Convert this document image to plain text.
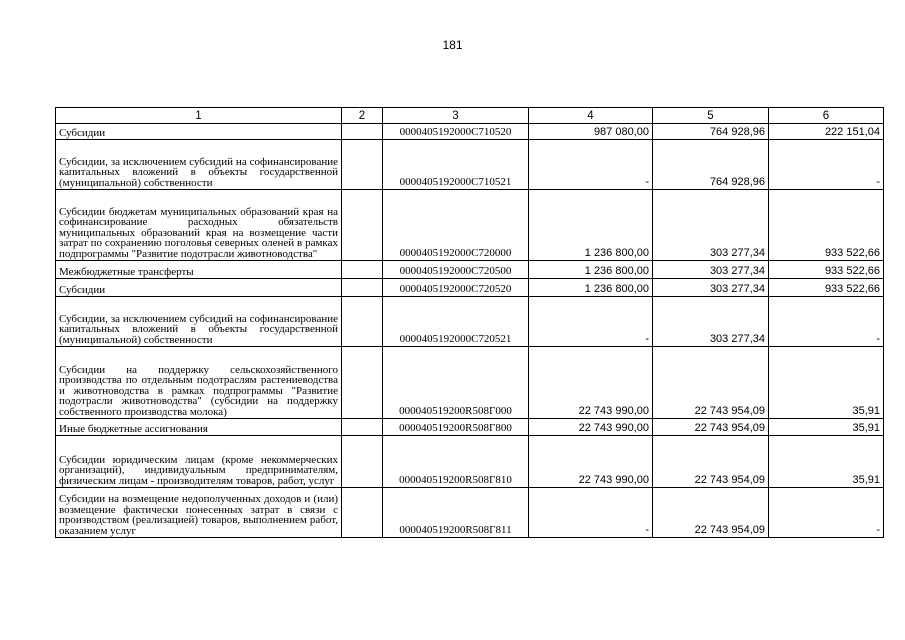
181
1	2	3	4	5	6
Субсидии		0000405192000С710520	987 080,00	764 928,96	222 151,04
Субсидии, за исключением субсидий на софинансирование капитальных вложений в объекты государственной (муниципальной) собственности		0000405192000С710521	-	764 928,96	-
Субсидии бюджетам муниципальных образований края на софинансирование расходных обязательств муниципальных образований края на возмещение части затрат по сохранению поголовья северных оленей в рамках подпрограммы "Развитие подотрасли животноводства"		0000405192000С720000	1 236 800,00	303 277,34	933 522,66
Межбюджетные трансферты		0000405192000С720500	1 236 800,00	303 277,34	933 522,66
Субсидии		0000405192000С720520	1 236 800,00	303 277,34	933 522,66
Субсидии, за исключением субсидий на софинансирование капитальных вложений в объекты государственной (муниципальной) собственности		0000405192000С720521	-	303 277,34	-
Субсидии на поддержку сельскохозяйственного производства по отдельным подотраслям растениеводства и животноводства в рамках подпрограммы "Развитие подотрасли животноводства" (субсидии на поддержку собственного производства молока)		000040519200R508Г000	22 743 990,00	22 743 954,09	35,91
Иные бюджетные ассигнования		000040519200R508Г800	22 743 990,00	22 743 954,09	35,91
Субсидии юридическим лицам (кроме некоммерческих организаций), индивидуальным предпринимателям, физическим лицам - производителям товаров, работ, услуг		000040519200R508Г810	22 743 990,00	22 743 954,09	35,91
Субсидии на возмещение недополученных доходов и (или) возмещение фактически понесенных затрат в связи с производством (реализацией) товаров, выполнением работ, оказанием услуг		000040519200R508Г811	-	22 743 954,09	-
